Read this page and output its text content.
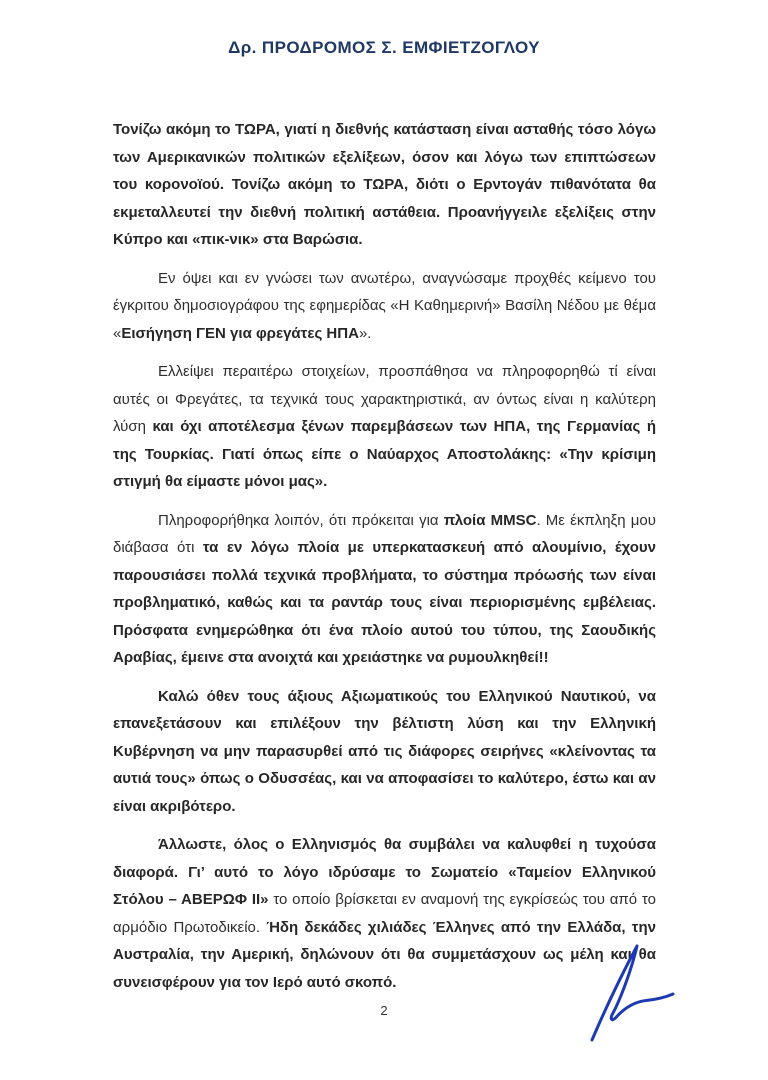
Δρ. ΠΡΟΔΡΟΜΟΣ Σ. ΕΜΦΙΕΤΖΟΓΛΟΥ

Τονίζω ακόμη το ΤΩΡΑ, γιατί η διεθνής κατάσταση είναι ασταθής τόσο λόγω των Αμερικανικών πολιτικών εξελίξεων, όσον και λόγω των επιπτώσεων του κορονοϊού. Τονίζω ακόμη το ΤΩΡΑ, διότι ο Ερντογάν πιθανότατα θα εκμεταλλευτεί την διεθνή πολιτική αστάθεια. Προανήγγειλε εξελίξεις στην Κύπρο και «πικ-νικ» στα Βαρώσια.

Εν όψει και εν γνώσει των ανωτέρω, αναγνώσαμε προχθές κείμενο του έγκριτου δημοσιογράφου της εφημερίδας «Η Καθημερινή» Βασίλη Νέδου με θέμα «Εισήγηση ΓΕΝ για φρεγάτες ΗΠΑ».

Ελλείψει περαιτέρω στοιχείων, προσπάθησα να πληροφορηθώ τί είναι αυτές οι Φρεγάτες, τα τεχνικά τους χαρακτηριστικά, αν όντως είναι η καλύτερη λύση και όχι αποτέλεσμα ξένων παρεμβάσεων των ΗΠΑ, της Γερμανίας ή της Τουρκίας. Γιατί όπως είπε ο Ναύαρχος Αποστολάκης: «Την κρίσιμη στιγμή θα είμαστε μόνοι μας».

Πληροφορήθηκα λοιπόν, ότι πρόκειται για πλοία MMSC. Με έκπληξη μου διάβασα ότι τα εν λόγω πλοία με υπερκατασκευή από αλουμίνιο, έχουν παρουσιάσει πολλά τεχνικά προβλήματα, το σύστημα πρόωσής των είναι προβληματικό, καθώς και τα ραντάρ τους είναι περιορισμένης εμβέλειας. Πρόσφατα ενημερώθηκα ότι ένα πλοίο αυτού του τύπου, της Σαουδικής Αραβίας, έμεινε στα ανοιχτά και χρειάστηκε να ρυμουλκηθεί!!

Καλώ όθεν τους άξιους Αξιωματικούς του Ελληνικού Ναυτικού, να επανεξετάσουν και επιλέξουν την βέλτιστη λύση και την Ελληνική Κυβέρνηση να μην παρασυρθεί από τις διάφορες σειρήνες «κλείνοντας τα αυτιά τους» όπως ο Οδυσσέας, και να αποφασίσει το καλύτερο, έστω και αν είναι ακριβότερο.

Άλλωστε, όλος ο Ελληνισμός θα συμβάλει να καλυφθεί η τυχούσα διαφορά. Γι’ αυτό το λόγο ιδρύσαμε το Σωματείο «Ταμείον Ελληνικού Στόλου – ΑΒΕΡΩΦ II» το οποίο βρίσκεται εν αναμονή της εγκρίσεώς του από το αρμόδιο Πρωτοδικείο. Ήδη δεκάδες χιλιάδες Έλληνες από την Ελλάδα, την Αυστραλία, την Αμερική, δηλώνουν ότι θα συμμετάσχουν ως μέλη και θα συνεισφέρουν για τον Ιερό αυτό σκοπό.

2
